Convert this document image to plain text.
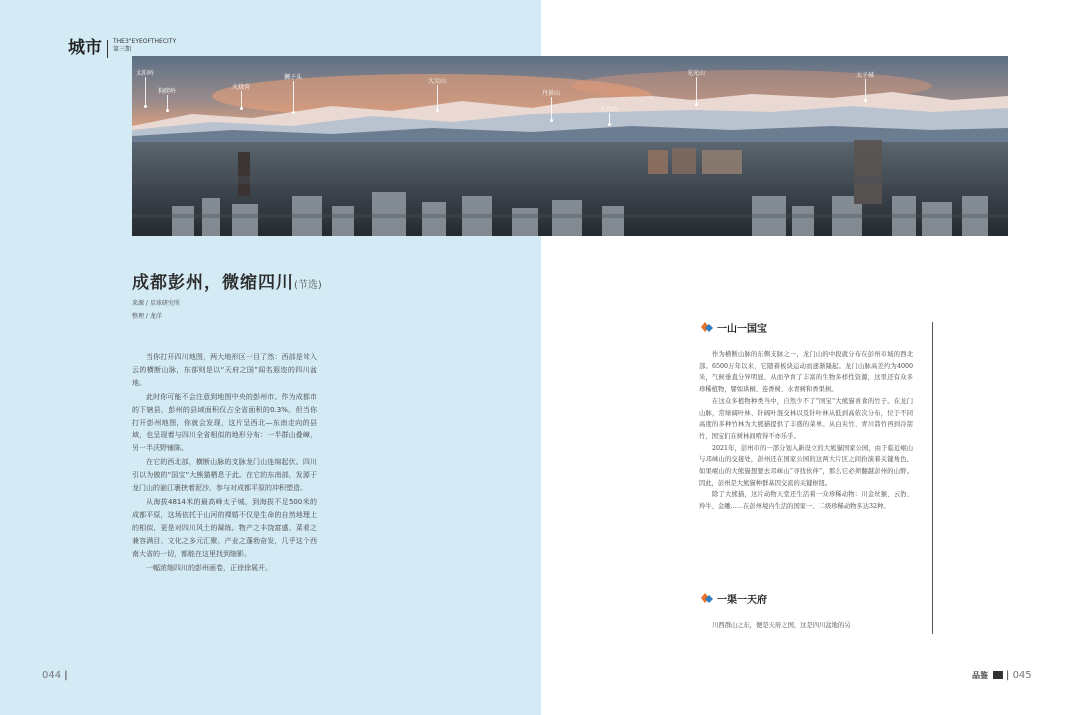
城市 THE3"EYEOFTHECITY
第三期
太阳岭
狗爬岭
火烧营
狮子头
大尖山
丹景山
天台山
光光山	太子城
成都彭州，微缩四川(节选)
来源 / 星球研究所
整理 / 龙洋

当你打开四川地图，两大地形区一目了然：西部是耸入云的横断山脉，东部则是以“天府之国”闻名遐迩的四川盆地。

此时你可能不会注意到地图中央的彭州市。作为成都市的下辖县，彭州的县域面积仅占全省面积的0.3%。但当你打开彭州地图，你就会发现，这片呈西北—东南走向的县域，也呈现着与四川全省相似的地形分布：一半群山叠嶂，另一半沃野铺陈。

在它的西北部，横断山脉的支脉龙门山连绵起伏。四川引以为傲的“国宝”大熊猫栖息于此。在它的东南部，发源于龙门山的湔江裹挟着泥沙，参与对成都平原的冲积塑造。

从海拔4814米的最高峰太子城，到海拔不足500米的成都平原，这场依托于山河的裸婚不仅是生命的自然地理上的相似，更是对四川风土的凝练。物产之丰饶富盛、菜肴之兼容满目、文化之多元汇聚、产业之蓬勃奋发，几乎这个西南大省的一切，都能在这里找到缩影。

一幅浓缩四川的彭州画卷，正徐徐展开。

一山一国宝

作为横断山脉的东侧支脉之一，龙门山的中段就分布在彭州市域的西北部。6500万年以来，它随着板块运动而逐渐隆起。龙门山脉高差约为4000米，气候垂直分异明显，从而孕育了丰富的生物多样性资源，这里还有众多珍稀植物，譬如珙桐、连香树、水青树和香果树。

在这众多植物种类当中，自然少不了“国宝”大熊猫喜食的竹子。在龙门山脉，常绿阔叶林、针阔叶混交林以及针叶林从低到高依次分布，位于不同高度的多种竹林为大熊猫提供了丰盛的菜单。从白夹竹、青川箭竹再到冷箭竹，国宝们在树林间啃得不亦乐乎。

2021年，彭州市的一部分划入新设立的大熊猫国家公园，由于临近岷山与邛崃山的交接处，彭州还在国家公园的这两大片区之间扮演着关键角色，如果岷山的大熊猫想要去邛崃山“寻找伙伴”，那么它必须翻越彭州的山野。因此，彭州是大熊猫种群基因交流的关键枢纽。

除了大熊猫，这片动物天堂还生活着一众珍稀动物：川金丝猴、云豹、羚牛、金雕……在彭州境内生活的国家一、二级珍稀动物多达32种。

一渠一天府

川西群山之东，便是天府之国，这是四川盆地的另

044 |	品鉴 | 045
